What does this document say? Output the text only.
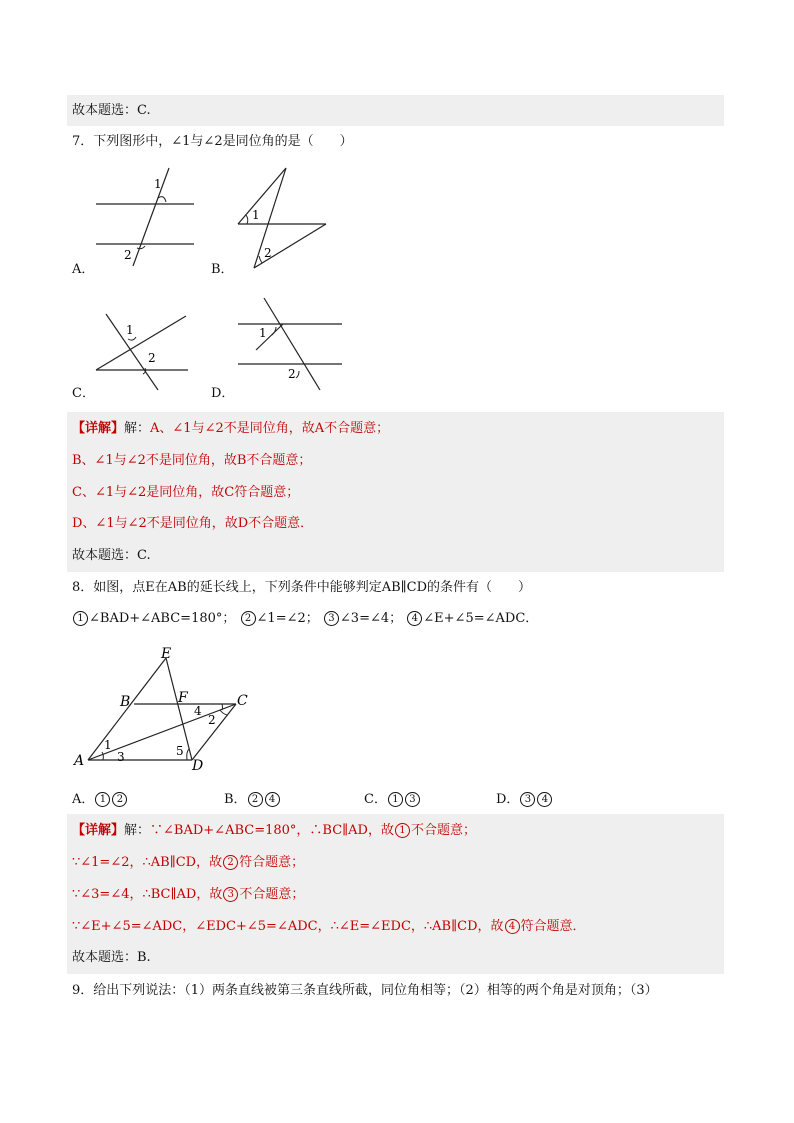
故本题选：C.
7．下列图形中，∠1与∠2是同位角的是（　　）
1
2
A．
1
2
B．
1
2
C．
1
2
D．
【详解】解：A、∠1与∠2不是同位角，故A不合题意；
B、∠1与∠2不是同位角，故B不合题意；
C、∠1与∠2是同位角，故C符合题意；
D、∠1与∠2不是同位角，故D不合题意．
故本题选：C.
8．如图，点E在AB的延长线上，下列条件中能够判定AB∥CD的条件有（　　）
1 ∠BAD+∠ABC=180°； 2 ∠1=∠2； 3 ∠3=∠4； 4 ∠E+∠5=∠ADC．
A
B	C
D
E
F
1
2
3
4
5
A． 1 2	B． 2 4	C． 1 3	D． 3 4
【详解】解：∵∠BAD+∠ABC=180°，∴BC∥AD，故 1 不合题意；
∵∠1=∠2，∴AB∥CD，故 2 符合题意；
∵∠3=∠4，∴BC∥AD，故 3 不合题意；
∵∠E+∠5=∠ADC，∠EDC+∠5=∠ADC，∴∠E=∠EDC，∴AB∥CD，故 4 符合题意．
故本题选：B.
9．给出下列说法：（1）两条直线被第三条直线所截，同位角相等；（2）相等的两个角是对顶角；（3）
